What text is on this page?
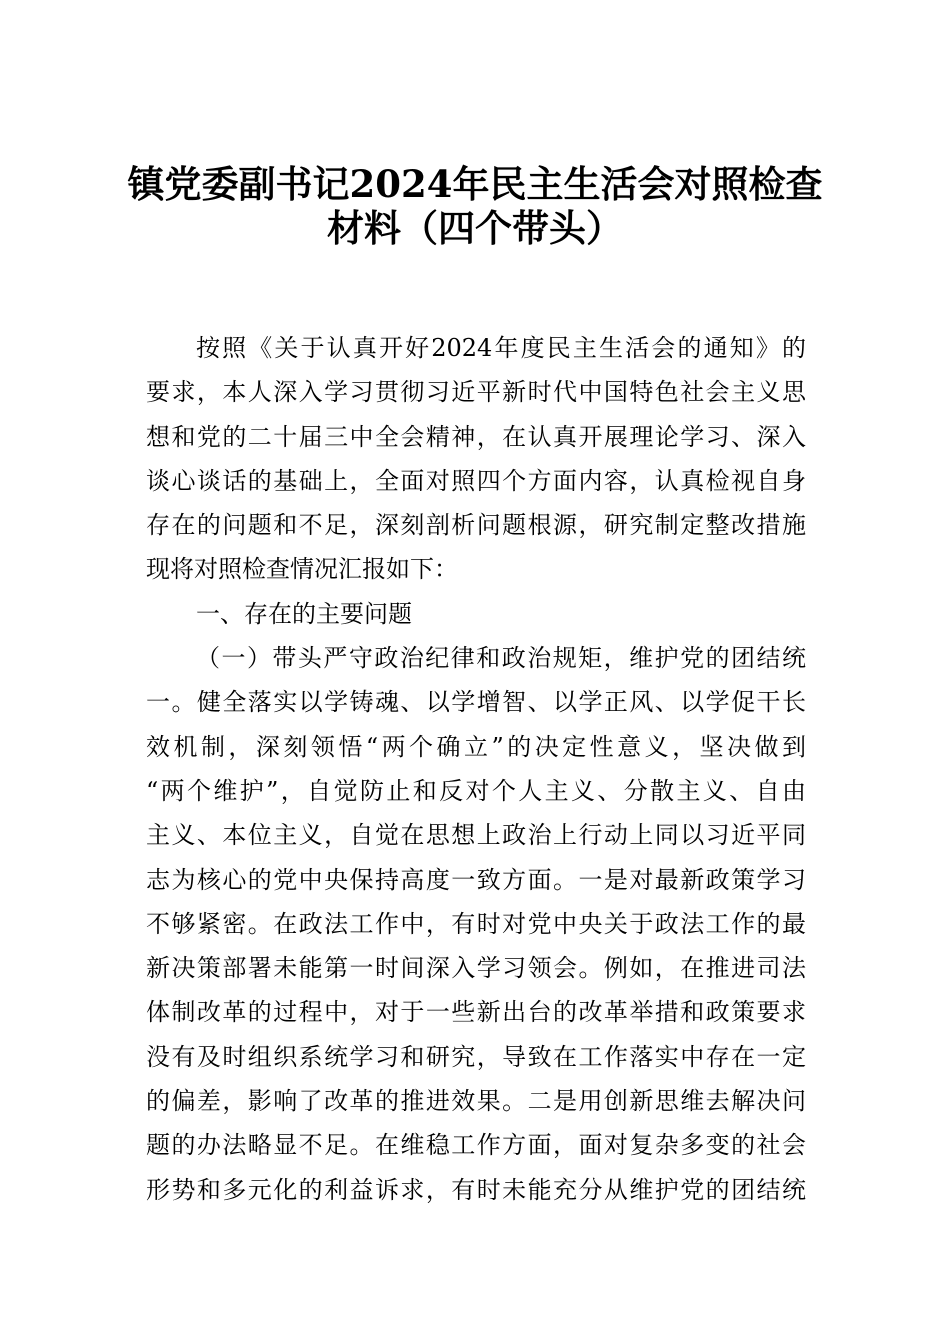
镇党委副书记2024年民主生活会对照检查
材料（四个带头）
按照《关于认真开好2024年度民主生活会的通知》的
要求，本人深入学习贯彻习近平新时代中国特色社会主义思
想和党的二十届三中全会精神，在认真开展理论学习、深入
谈心谈话的基础上，全面对照四个方面内容，认真检视自身
存在的问题和不足，深刻剖析问题根源，研究制定整改措施
现将对照检查情况汇报如下：
一、存在的主要问题
（一）带头严守政治纪律和政治规矩，维护党的团结统
一。健全落实以学铸魂、以学增智、以学正风、以学促干长
效机制，深刻领悟“两个确立”的决定性意义，坚决做到
“两个维护”，自觉防止和反对个人主义、分散主义、自由
主义、本位主义，自觉在思想上政治上行动上同以习近平同
志为核心的党中央保持高度一致方面。一是对最新政策学习
不够紧密。在政法工作中，有时对党中央关于政法工作的最
新决策部署未能第一时间深入学习领会。例如，在推进司法
体制改革的过程中，对于一些新出台的改革举措和政策要求
没有及时组织系统学习和研究，导致在工作落实中存在一定
的偏差，影响了改革的推进效果。二是用创新思维去解决问
题的办法略显不足。在维稳工作方面，面对复杂多变的社会
形势和多元化的利益诉求，有时未能充分从维护党的团结统
